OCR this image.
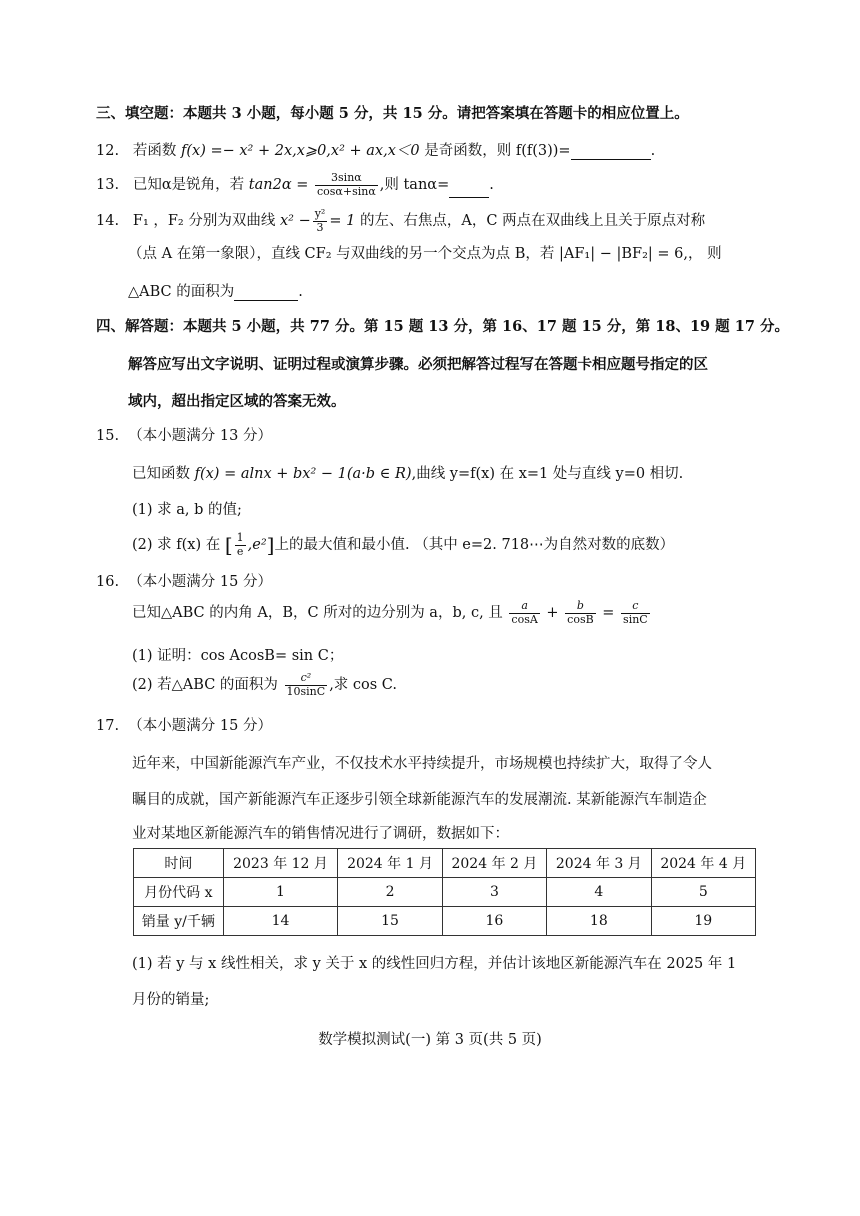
三、填空题：本题共 3 小题，每小题 5 分，共 15 分。请把答案填在答题卡的相应位置上。
12. 若函数 f(x) =− x² + 2x,x⩾0,x² + ax,x＜0 是奇函数，则 f(f(3))=	.
13. 已知α是锐角，若 $\tan 2\alpha = \frac{3\sin\alpha}{\cos\alpha+\sin\alpha}$ ,则 tanα=	.
14. F₁ ，F₂ 分别为双曲线 $x^2 - \frac{\text{y²}}{3} = 1$ 的左、右焦点，A，C 两点在双曲线上且关于原点对称
（点 A 在第一象限），直线 CF₂ 与双曲线的另一个交点为点 B，若 |AF₁| − |BF₂| = 6,， 则
△ABC 的面积为	.
四、解答题：本题共 5 小题，共 77 分。第 15 题 13 分，第 16、17 题 15 分，第 18、19 题 17 分。
解答应写出文字说明、证明过程或演算步骤。必须把解答过程写在答题卡相应题号指定的区
域内，超出指定区域的答案无效。
15. （本小题满分 13 分）
已知函数 f(x) = alnx + bx² − 1(a·b ∈ R),曲线 y=f(x) 在 x=1 处与直线 y=0 相切.
(1) 求 a, b 的值;
(2) 求 f(x) 在 [ $\frac{1}{e} ,e^2$]上的最大值和最小值. （其中 e=2. 718⋯为自然对数的底数）
16. （本小题满分 15 分）
已知△ABC 的内角 A，B，C 所对的边分别为 a，b, c, 且 $\frac{a}{\cos A} + \frac{b}{\cos B} = \frac{c}{\sin C}$
(1) 证明：cos AcosB= sin C；
(2) 若△ABC 的面积为 $\frac{\text{c²}}{10\sin C}$ ,求 cos C.
17. （本小题满分 15 分）
近年来，中国新能源汽车产业，不仅技术水平持续提升，市场规模也持续扩大，取得了令人
瞩目的成就，国产新能源汽车正逐步引领全球新能源汽车的发展潮流. 某新能源汽车制造企
业对某地区新能源汽车的销售情况进行了调研，数据如下：
时间	2023 年 12 月	2024 年 1 月	2024 年 2 月	2024 年 3 月	2024 年 4 月
月份代码 x	1	2	3	4	5
销量 y/千辆	14	15	16	18	19
(1) 若 y 与 x 线性相关，求 y 关于 x 的线性回归方程，并估计该地区新能源汽车在 2025 年 1
月份的销量;
数学模拟测试(一) 第 3 页(共 5 页)
